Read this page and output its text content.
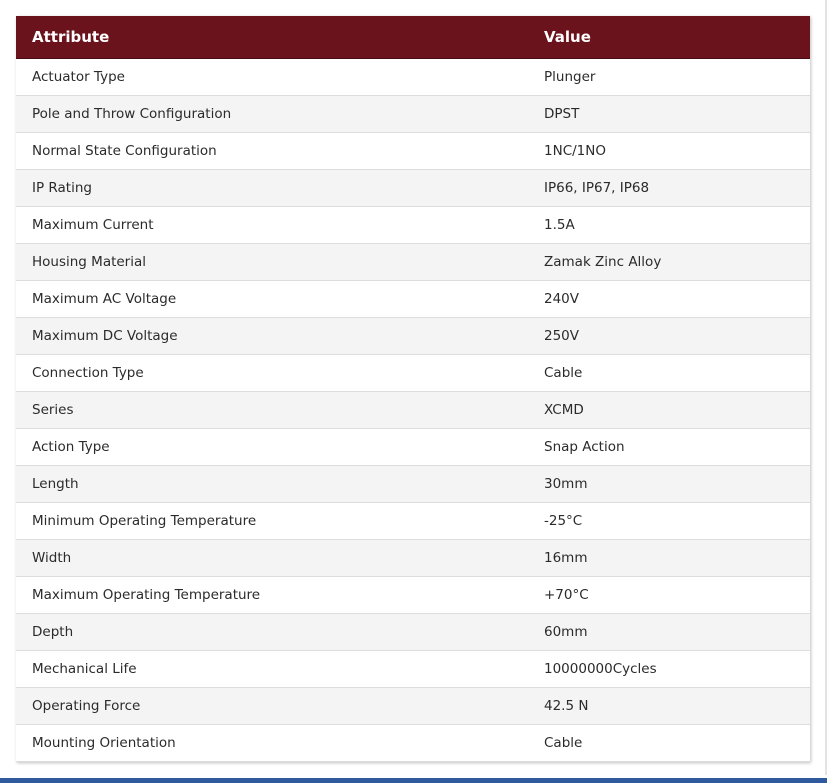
Attribute	Value
Actuator Type	Plunger
Pole and Throw Configuration	DPST
Normal State Configuration	1NC/1NO
IP Rating	IP66, IP67, IP68
Maximum Current	1.5A
Housing Material	Zamak Zinc Alloy
Maximum AC Voltage	240V
Maximum DC Voltage	250V
Connection Type	Cable
Series	XCMD
Action Type	Snap Action
Length	30mm
Minimum Operating Temperature	-25°C
Width	16mm
Maximum Operating Temperature	+70°C
Depth	60mm
Mechanical Life	10000000Cycles
Operating Force	42.5 N
Mounting Orientation	Cable
